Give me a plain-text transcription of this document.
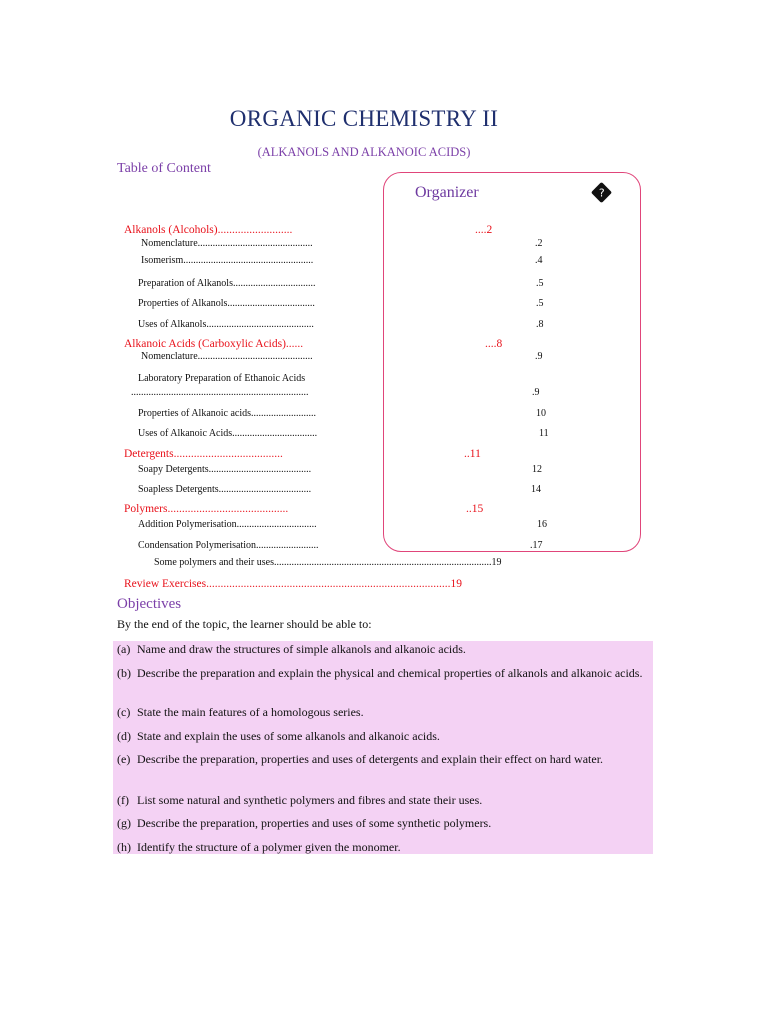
ORGANIC CHEMISTRY II
(ALKANOLS AND ALKANOIC ACIDS)
Table of Content
Organizer	?
Alkanols (Alcohols)..........................	....2
Nomenclature..............................................	.2
Isomerism....................................................	.4
Preparation of Alkanols.................................	.5
Properties of Alkanols...................................	.5
Uses of Alkanols...........................................	.8
Alkanoic Acids (Carboxylic Acids)......	....8
Nomenclature..............................................	.9
Laboratory Preparation of Ethanoic Acids
.......................................................................	.9
Properties of Alkanoic acids..........................	10
Uses of Alkanoic Acids..................................	11
Detergents......................................	..11
Soapy Detergents.........................................	12
Soapless Detergents.....................................	14
Polymers..........................................	..15
Addition Polymerisation................................	16
Condensation Polymerisation.........................	.17
Some polymers and their uses.......................................................................................19
Review Exercises.....................................................................................19
Objectives
By the end of the topic, the learner should be able to:
(a) Name and draw the structures of simple alkanols and alkanoic acids.
(b) Describe the preparation and explain the physical and chemical properties of alkanols and alkanoic acids.
(c) State the main features of a homologous series.
(d) State and explain the uses of some alkanols and alkanoic acids.
(e) Describe the preparation, properties and uses of detergents and explain their effect on hard water.
(f) List some natural and synthetic polymers and fibres and state their uses.
(g) Describe the preparation, properties and uses of some synthetic polymers.
(h) Identify the structure of a polymer given the monomer.
